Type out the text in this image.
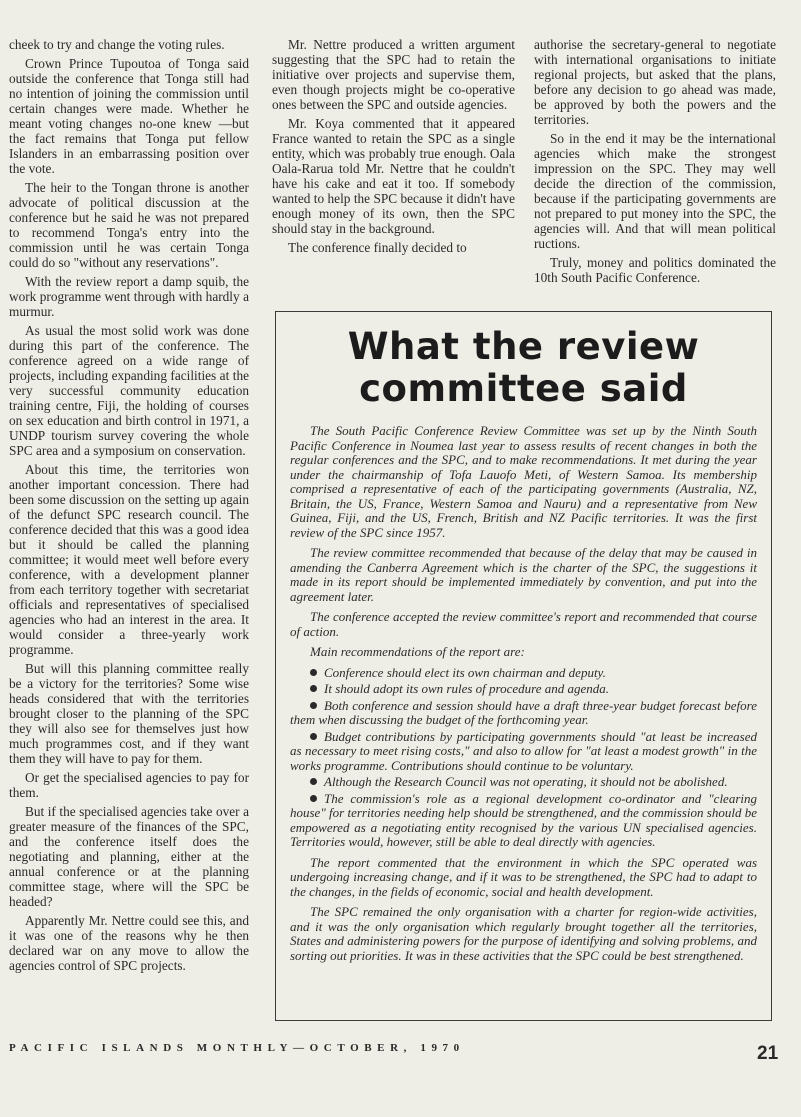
cheek to try and change the voting rules.

Crown Prince Tupoutoa of Tonga said outside the conference that Tonga still had no intention of joining the commission until certain changes were made. Whether he meant voting changes no-one knew —but the fact remains that Tonga put fellow Islanders in an embarrassing position over the vote.

The heir to the Tongan throne is another advocate of political discussion at the conference but he said he was not prepared to recommend Tonga's entry into the commission until he was certain Tonga could do so "without any reservations".

With the review report a damp squib, the work programme went through with hardly a murmur.

As usual the most solid work was done during this part of the conference. The conference agreed on a wide range of projects, including expanding facilities at the very successful community education training centre, Fiji, the holding of courses on sex education and birth control in 1971, a UNDP tourism survey covering the whole SPC area and a symposium on conservation.

About this time, the territories won another important concession. There had been some discussion on the setting up again of the defunct SPC research council. The conference decided that this was a good idea but it should be called the planning committee; it would meet well before every conference, with a development planner from each territory together with secretariat officials and representatives of specialised agencies who had an interest in the area. It would consider a three-yearly work programme.

But will this planning committee really be a victory for the territories? Some wise heads considered that with the territories brought closer to the planning of the SPC they will also see for themselves just how much programmes cost, and if they want them they will have to pay for them.

Or get the specialised agencies to pay for them.

But if the specialised agencies take over a greater measure of the finances of the SPC, and the conference itself does the negotiating and planning, either at the annual conference or at the planning committee stage, where will the SPC be headed?

Apparently Mr. Nettre could see this, and it was one of the reasons why he then declared war on any move to allow the agencies control of SPC projects.

Mr. Nettre produced a written argument suggesting that the SPC had to retain the initiative over projects and supervise them, even though projects might be co-operative ones between the SPC and outside agencies.

Mr. Koya commented that it appeared France wanted to retain the SPC as a single entity, which was probably true enough. Oala Oala-Rarua told Mr. Nettre that he couldn't have his cake and eat it too. If somebody wanted to help the SPC because it didn't have enough money of its own, then the SPC should stay in the background.

The conference finally decided to

authorise the secretary-general to negotiate with international organisations to initiate regional projects, but asked that the plans, before any decision to go ahead was made, be approved by both the powers and the territories.

So in the end it may be the international agencies which make the strongest impression on the SPC. They may well decide the direction of the commission, because if the participating governments are not prepared to put money into the SPC, the agencies will. And that will mean political ructions.

Truly, money and politics dominated the 10th South Pacific Conference.

What the review
committee said

The South Pacific Conference Review Committee was set up by the Ninth South Pacific Conference in Noumea last year to assess results of recent changes in both the regular conferences and the SPC, and to make recommendations. It met during the year under the chairmanship of Tofa Lauofo Meti, of Western Samoa. Its membership comprised a representative of each of the participating governments (Australia, NZ, Britain, the US, France, Western Samoa and Nauru) and a representative from New Guinea, Fiji, and the US, French, British and NZ Pacific territories. It was the first review of the SPC since 1957.

The review committee recommended that because of the delay that may be caused in amending the Canberra Agreement which is the charter of the SPC, the suggestions it made in its report should be implemented immediately by convention, and put into the agreement later.

The conference accepted the review committee's report and recommended that course of action.

Main recommendations of the report are:

Conference should elect its own chairman and deputy.

It should adopt its own rules of procedure and agenda.

Both conference and session should have a draft three-year budget forecast before them when discussing the budget of the forthcoming year.

Budget contributions by participating governments should "at least be increased as necessary to meet rising costs," and also to allow for "at least a modest growth" in the works programme. Contributions should continue to be voluntary.

Although the Research Council was not operating, it should not be abolished.

The commission's role as a regional development co-ordinator and "clearing house" for territories needing help should be strengthened, and the commission should be empowered as a negotiating entity recognised by the various UN specialised agencies. Territories would, however, still be able to deal directly with agencies.

The report commented that the environment in which the SPC operated was undergoing increasing change, and if it was to be strengthened, the SPC had to adapt to the changes, in the fields of economic, social and health development.

The SPC remained the only organisation with a charter for region-wide activities, and it was the only organisation which regularly brought together all the territories, States and administering powers for the purpose of identifying and solving problems, and sorting out priorities. It was in these activities that the SPC could be best strengthened.

PACIFIC ISLANDS MONTHLY—OCTOBER, 1970	21
